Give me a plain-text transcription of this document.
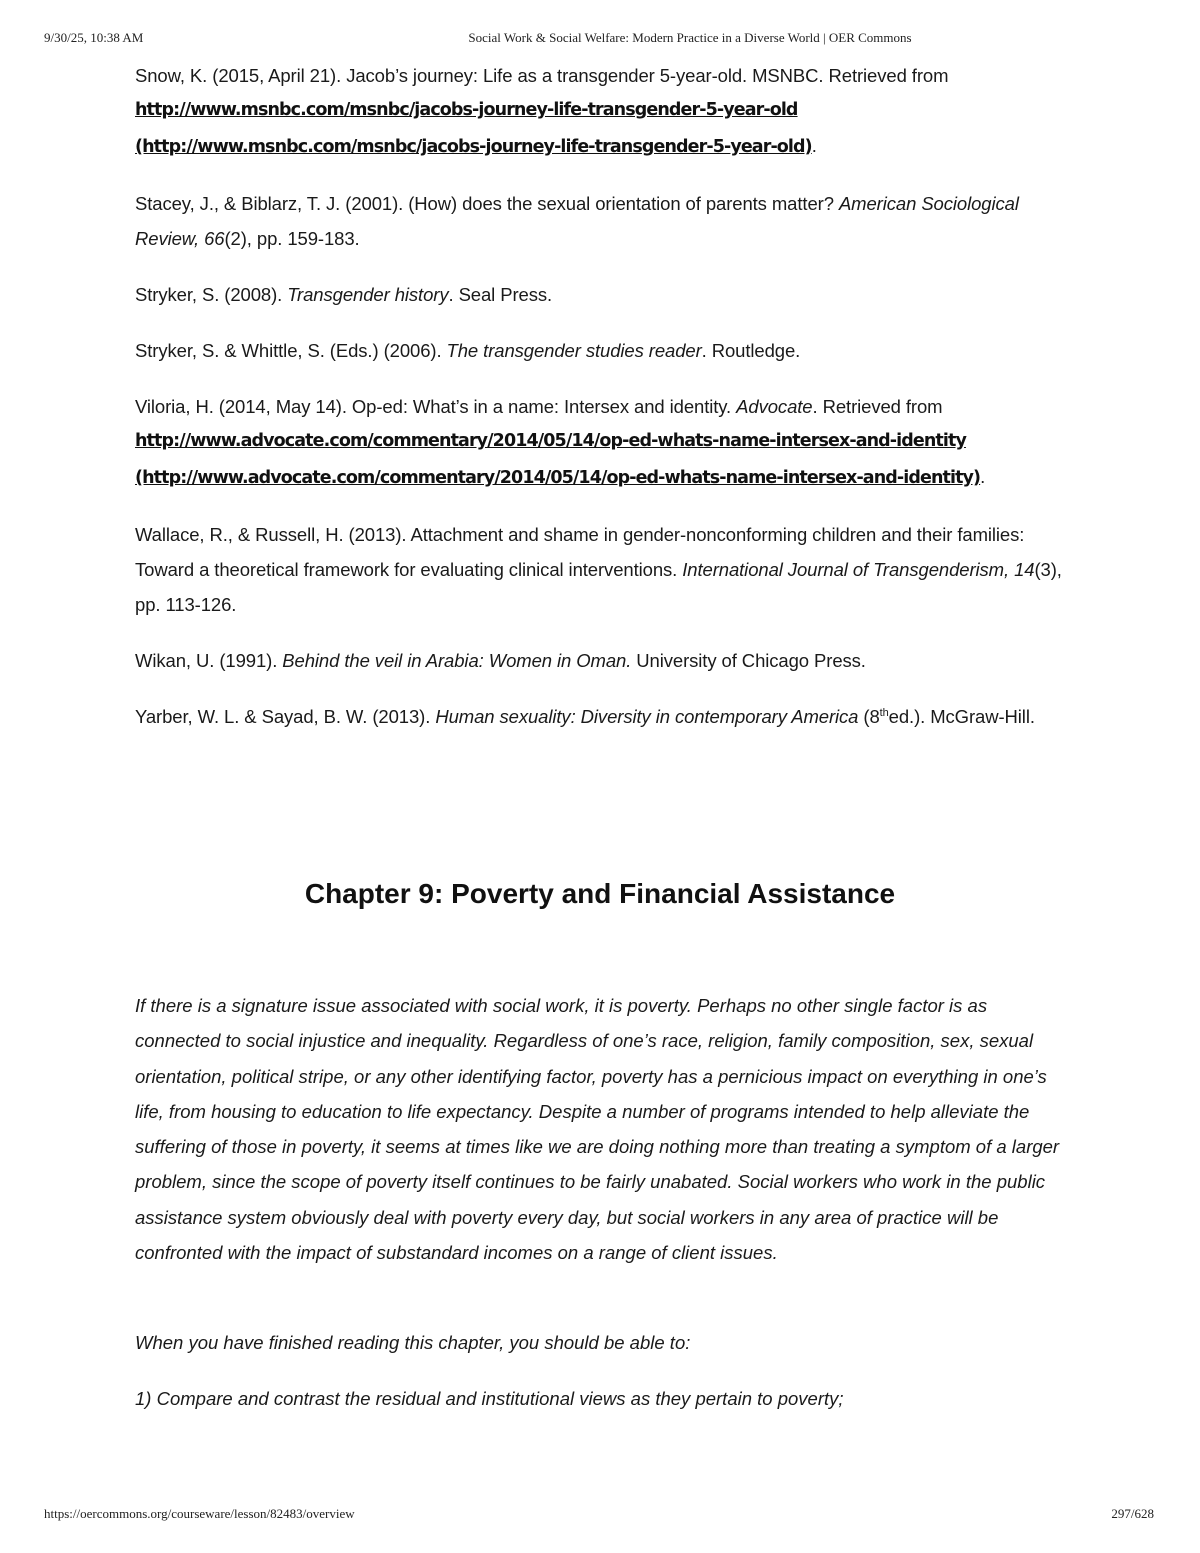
9/30/25, 10:38 AM	Social Work & Social Welfare: Modern Practice in a Diverse World | OER Commons

Snow, K. (2015, April 21). Jacob’s journey: Life as a transgender 5-year-old. MSNBC. Retrieved from
http://www.msnbc.com/msnbc/jacobs-journey-life-transgender-5-year-old
(http://www.msnbc.com/msnbc/jacobs-journey-life-transgender-5-year-old).

Stacey, J., & Biblarz, T. J. (2001). (How) does the sexual orientation of parents matter? American Sociological Review, 66(2), pp. 159-183.

Stryker, S. (2008). Transgender history. Seal Press.

Stryker, S. & Whittle, S. (Eds.) (2006). The transgender studies reader. Routledge.

Viloria, H. (2014, May 14). Op-ed: What’s in a name: Intersex and identity. Advocate. Retrieved from
http://www.advocate.com/commentary/2014/05/14/op-ed-whats-name-intersex-and-identity
(http://www.advocate.com/commentary/2014/05/14/op-ed-whats-name-intersex-and-identity).

Wallace, R., & Russell, H. (2013). Attachment and shame in gender-nonconforming children and their families: Toward a theoretical framework for evaluating clinical interventions. International Journal of Transgenderism, 14(3), pp. 113-126.

Wikan, U. (1991). Behind the veil in Arabia: Women in Oman. University of Chicago Press.

Yarber, W. L. & Sayad, B. W. (2013). Human sexuality: Diversity in contemporary America (8thed.). McGraw-Hill.

Chapter 9: Poverty and Financial Assistance

If there is a signature issue associated with social work, it is poverty. Perhaps no other single factor is as connected to social injustice and inequality. Regardless of one’s race, religion, family composition, sex, sexual orientation, political stripe, or any other identifying factor, poverty has a pernicious impact on everything in one’s life, from housing to education to life expectancy. Despite a number of programs intended to help alleviate the suffering of those in poverty, it seems at times like we are doing nothing more than treating a symptom of a larger problem, since the scope of poverty itself continues to be fairly unabated. Social workers who work in the public assistance system obviously deal with poverty every day, but social workers in any area of practice will be confronted with the impact of substandard incomes on a range of client issues.

When you have finished reading this chapter, you should be able to:

1) Compare and contrast the residual and institutional views as they pertain to poverty;

https://oercommons.org/courseware/lesson/82483/overview	297/628
